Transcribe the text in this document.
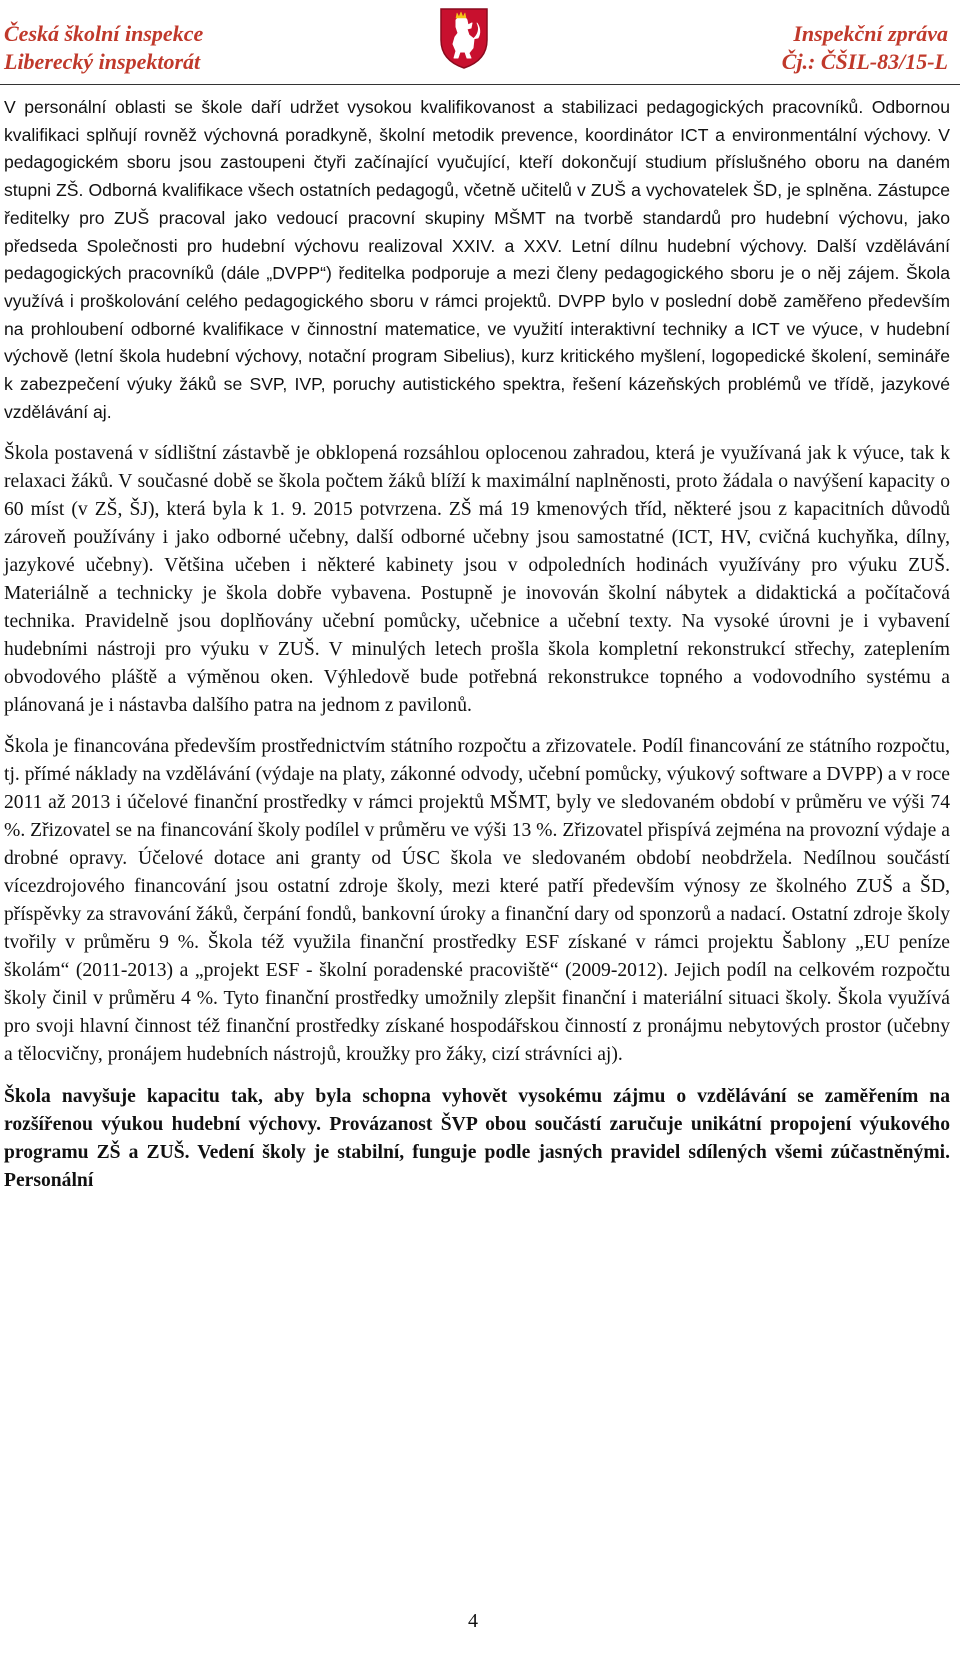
Česká školní inspekce
Liberecký inspektorát
Inspekční zpráva
Čj.: ČŠIL-83/15-L

V personální oblasti se škole daří udržet vysokou kvalifikovanost a stabilizaci pedagogických pracovníků. Odbornou kvalifikaci splňují rovněž výchovná poradkyně, školní metodik prevence, koordinátor ICT a environmentální výchovy. V pedagogickém sboru jsou zastoupeni čtyři začínající vyučující, kteří dokončují studium příslušného oboru na daném stupni ZŠ. Odborná kvalifikace všech ostatních pedagogů, včetně učitelů v ZUŠ a vychovatelek ŠD, je splněna. Zástupce ředitelky pro ZUŠ pracoval jako vedoucí pracovní skupiny MŠMT na tvorbě standardů pro hudební výchovu, jako předseda Společnosti pro hudební výchovu realizoval XXIV. a XXV. Letní dílnu hudební výchovy. Další vzdělávání pedagogických pracovníků (dále „DVPP“) ředitelka podporuje a mezi členy pedagogického sboru je o něj zájem. Škola využívá i proškolování celého pedagogického sboru v rámci projektů. DVPP bylo v poslední době zaměřeno především na prohloubení odborné kvalifikace v činnostní matematice, ve využití interaktivní techniky a ICT ve výuce, v hudební výchově (letní škola hudební výchovy, notační program Sibelius), kurz kritického myšlení, logopedické školení, semináře k zabezpečení výuky žáků se SVP, IVP, poruchy autistického spektra, řešení kázeňských problémů ve třídě, jazykové vzdělávání aj.

Škola postavená v sídlištní zástavbě je obklopená rozsáhlou oplocenou zahradou, která je využívaná jak k výuce, tak k relaxaci žáků. V současné době se škola počtem žáků blíží k maximální naplněnosti, proto žádala o navýšení kapacity o 60 míst (v ZŠ, ŠJ), která byla k 1. 9. 2015 potvrzena. ZŠ má 19 kmenových tříd, některé jsou z kapacitních důvodů zároveň používány i jako odborné učebny, další odborné učebny jsou samostatné (ICT, HV, cvičná kuchyňka, dílny, jazykové učebny). Většina učeben i některé kabinety jsou v odpoledních hodinách využívány pro výuku ZUŠ. Materiálně a technicky je škola dobře vybavena. Postupně je inovován školní nábytek a didaktická a počítačová technika. Pravidelně jsou doplňovány učební pomůcky, učebnice a učební texty. Na vysoké úrovni je i vybavení hudebními nástroji pro výuku v ZUŠ. V minulých letech prošla škola kompletní rekonstrukcí střechy, zateplením obvodového pláště a výměnou oken. Výhledově bude potřebná rekonstrukce topného a vodovodního systému a plánovaná je i nástavba dalšího patra na jednom z pavilonů.

Škola je financována především prostřednictvím státního rozpočtu a zřizovatele. Podíl financování ze státního rozpočtu, tj. přímé náklady na vzdělávání (výdaje na platy, zákonné odvody, učební pomůcky, výukový software a DVPP) a v roce 2011 až 2013 i účelové finanční prostředky v rámci projektů MŠMT, byly ve sledovaném období v průměru ve výši 74 %. Zřizovatel se na financování školy podílel v průměru ve výši 13 %. Zřizovatel přispívá zejména na provozní výdaje a drobné opravy. Účelové dotace ani granty od ÚSC škola ve sledovaném období neobdržela. Nedílnou součástí vícezdrojového financování jsou ostatní zdroje školy, mezi které patří především výnosy ze školného ZUŠ a ŠD, příspěvky za stravování žáků, čerpání fondů, bankovní úroky a finanční dary od sponzorů a nadací. Ostatní zdroje školy tvořily v průměru 9 %. Škola též využila finanční prostředky ESF získané v rámci projektu Šablony „EU peníze školám“ (2011-2013) a „projekt ESF - školní poradenské pracoviště“ (2009-2012). Jejich podíl na celkovém rozpočtu školy činil v průměru 4 %. Tyto finanční prostředky umožnily zlepšit finanční i materiální situaci školy. Škola využívá pro svoji hlavní činnost též finanční prostředky získané hospodářskou činností z pronájmu nebytových prostor (učebny a tělocvičny, pronájem hudebních nástrojů, kroužky pro žáky, cizí strávníci aj).

Škola navyšuje kapacitu tak, aby byla schopna vyhovět vysokému zájmu o vzdělávání se zaměřením na rozšířenou výukou hudební výchovy. Provázanost ŠVP obou součástí zaručuje unikátní propojení výukového programu ZŠ a ZUŠ. Vedení školy je stabilní, funguje podle jasných pravidel sdílených všemi zúčastněnými. Personální

4
